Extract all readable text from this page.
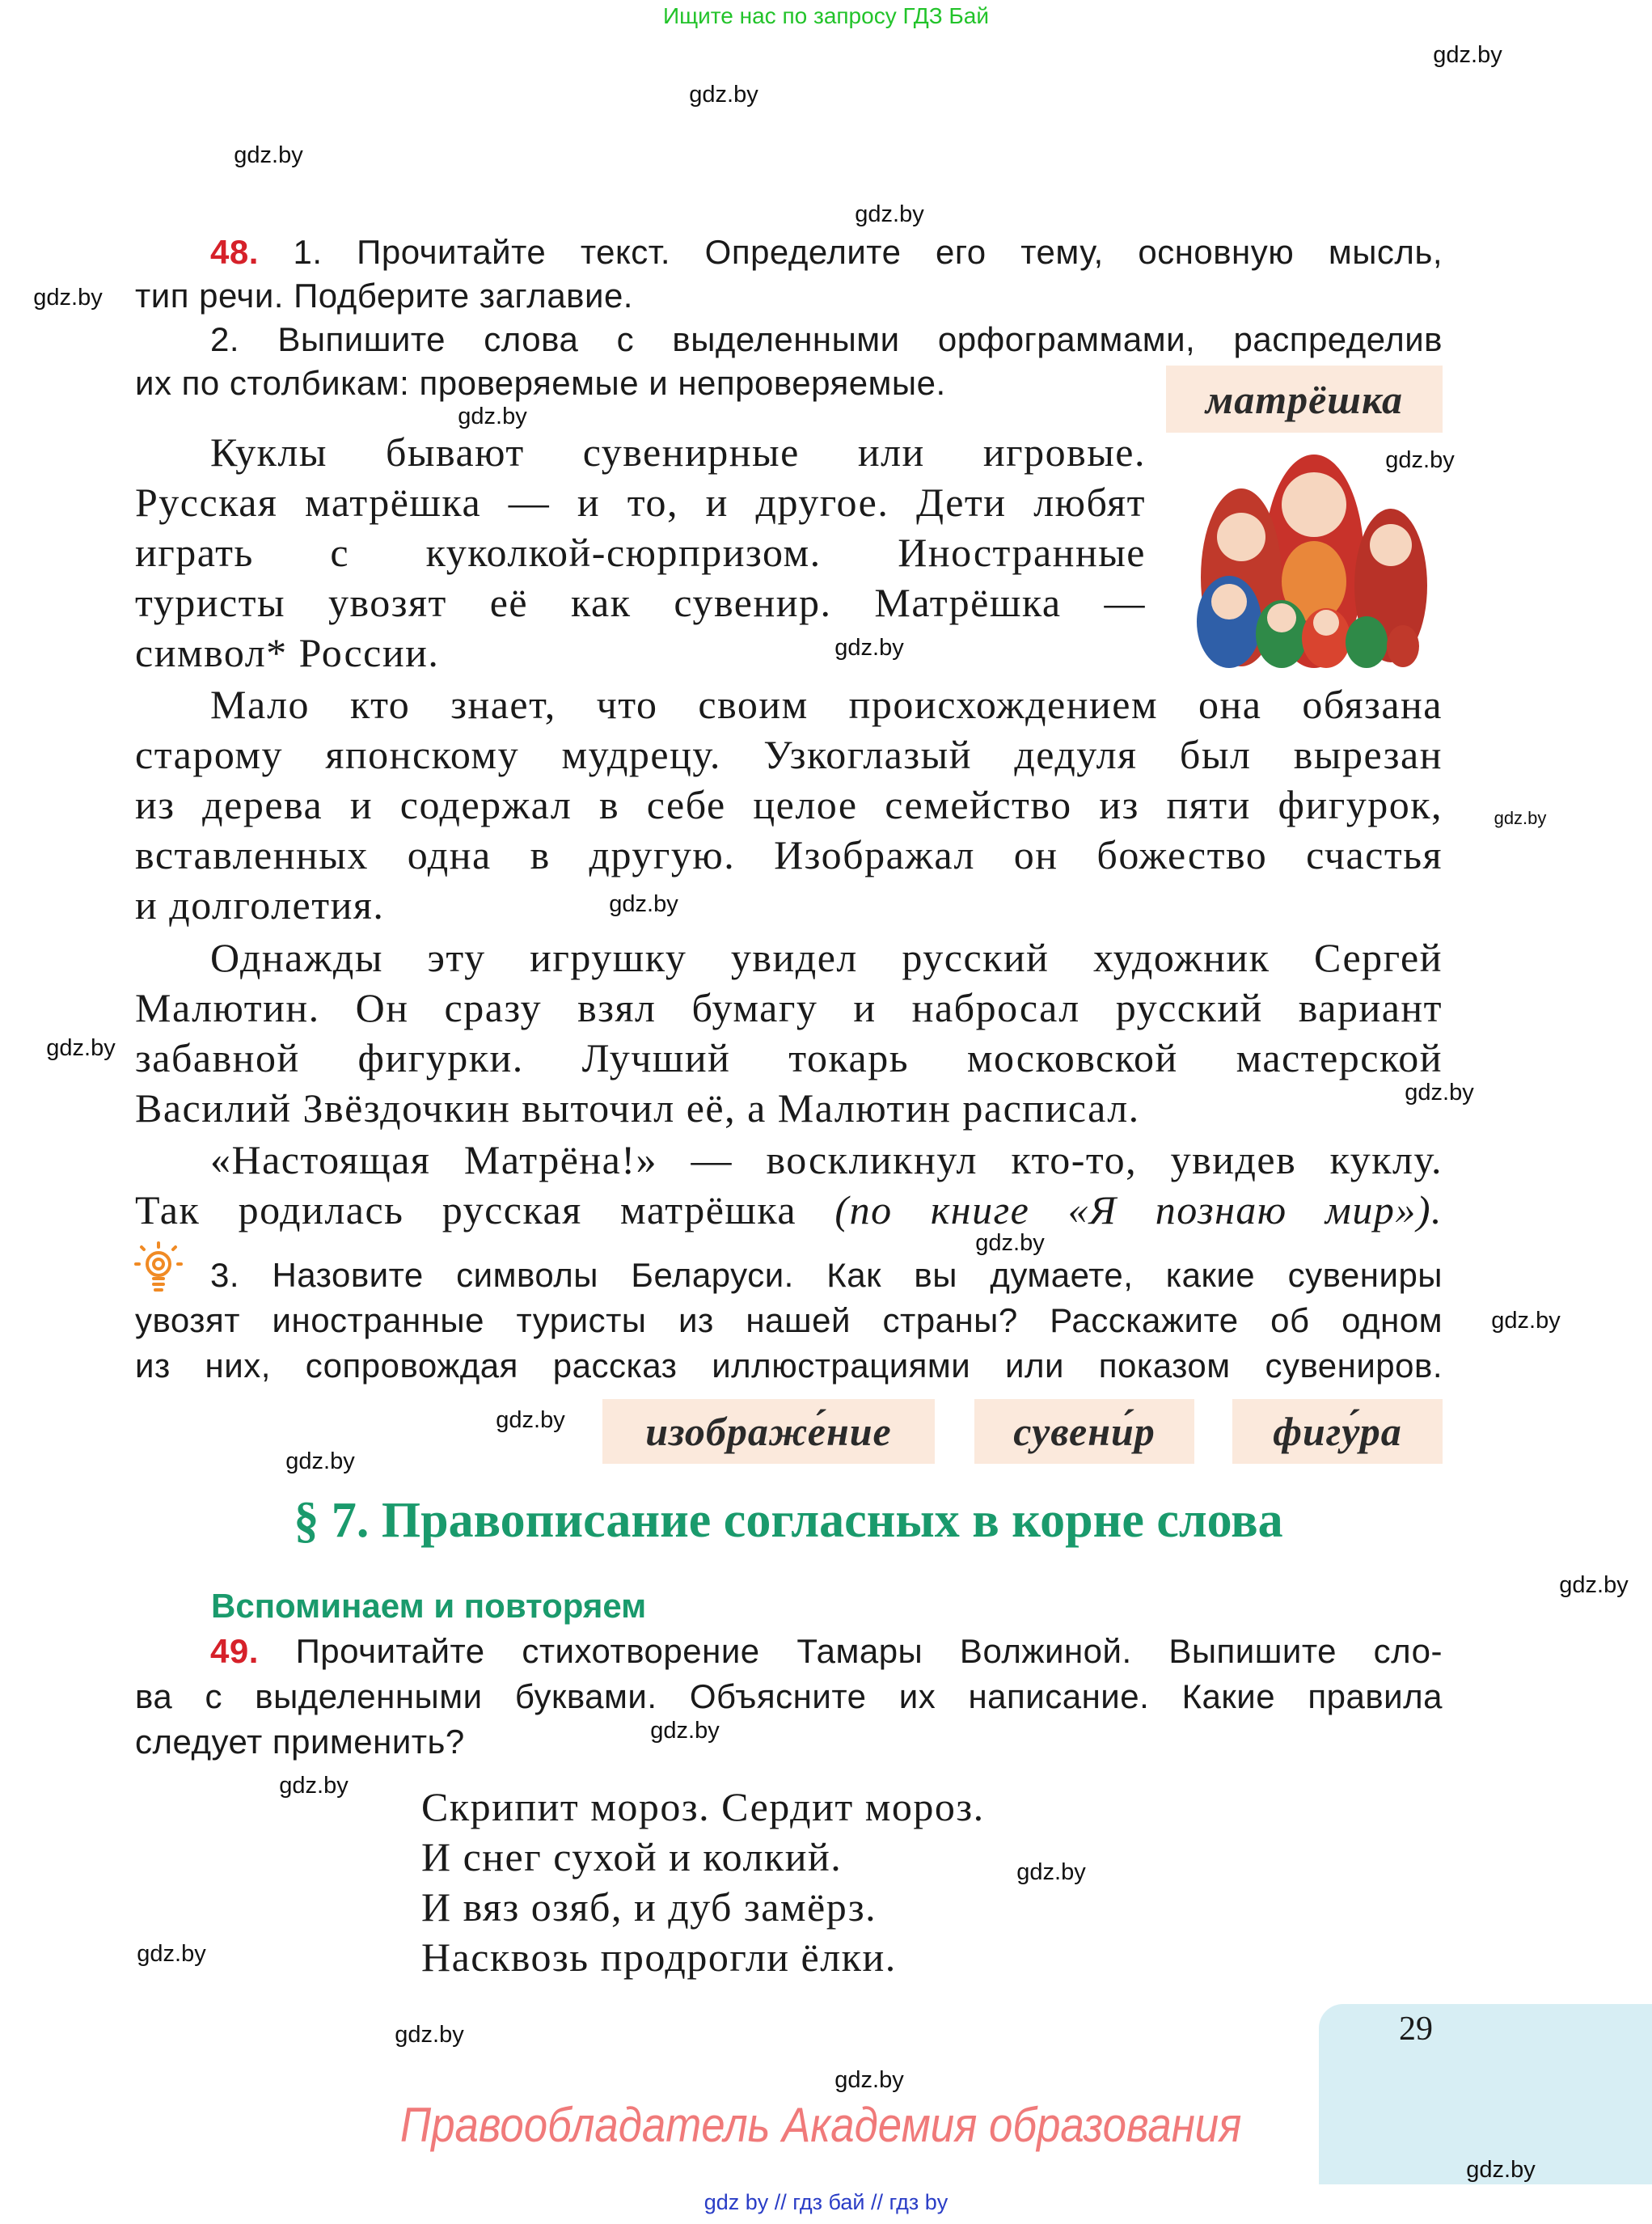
Ищите нас по запросу ГДЗ Бай
48. 1. Прочитайте текст. Определите его тему, основную мысль,
тип речи. Подберите заглавие.
2. Выпишите слова с выделенными орфограммами, распределив
их по столбикам: проверяемые и непроверяемые.	матрёшка
Куклы бывают сувенирные или игровые.
Русская матрёшка — и то, и другое. Дети любят
играть с куколкой-сюрпризом. Иностранные
туристы увозят её как сувенир. Матрёшка —
символ* России.
Мало кто знает, что своим происхождением она обязана
старому японскому мудрецу. Узкоглазый дедуля был вырезан
из дерева и содержал в себе целое семейство из пяти фигурок,
вставленных одна в другую. Изображал он божество счастья
и долголетия.
Однажды эту игрушку увидел русский художник Сергей
Малютин. Он сразу взял бумагу и набросал русский вариант
забавной фигурки. Лучший токарь московской мастерской
Василий Звёздочкин выточил её, а Малютин расписал.
«Настоящая Матрёна!» — воскликнул кто-то, увидев куклу.
Так родилась русская матрёшка (по книге «Я познаю мир»).
3. Назовите символы Беларуси. Как вы думаете, какие сувениры
увозят иностранные туристы из нашей страны? Расскажите об одном
из них, сопровождая рассказ иллюстрациями или показом сувениров.
изображе́ние	сувени́р	фигу́ра
§ 7. Правописание согласных в корне слова
Вспоминаем и повторяем
49. Прочитайте стихотворение Тамары Волжиной. Выпишите сло-
ва с выделенными буквами. Объясните их написание. Какие правила
следует применить?
Скрипит мороз. Сердит мороз.
И снег сухой и колкий.
И вяз озяб, и дуб замёрз.
Насквозь продрогли ёлки.
29
Правообладатель Академия образования
gdz by // гдз бай // гдз by
gdz.by
gdz.by
gdz.by
gdz.by
gdz.by
gdz.by
gdz.by
gdz.by
gdz.by
gdz.by
gdz.by
gdz.by
gdz.by
gdz.by
gdz.by
gdz.by
gdz.by
gdz.by
gdz.by
gdz.by
gdz.by
gdz.by
gdz.by
gdz.by
